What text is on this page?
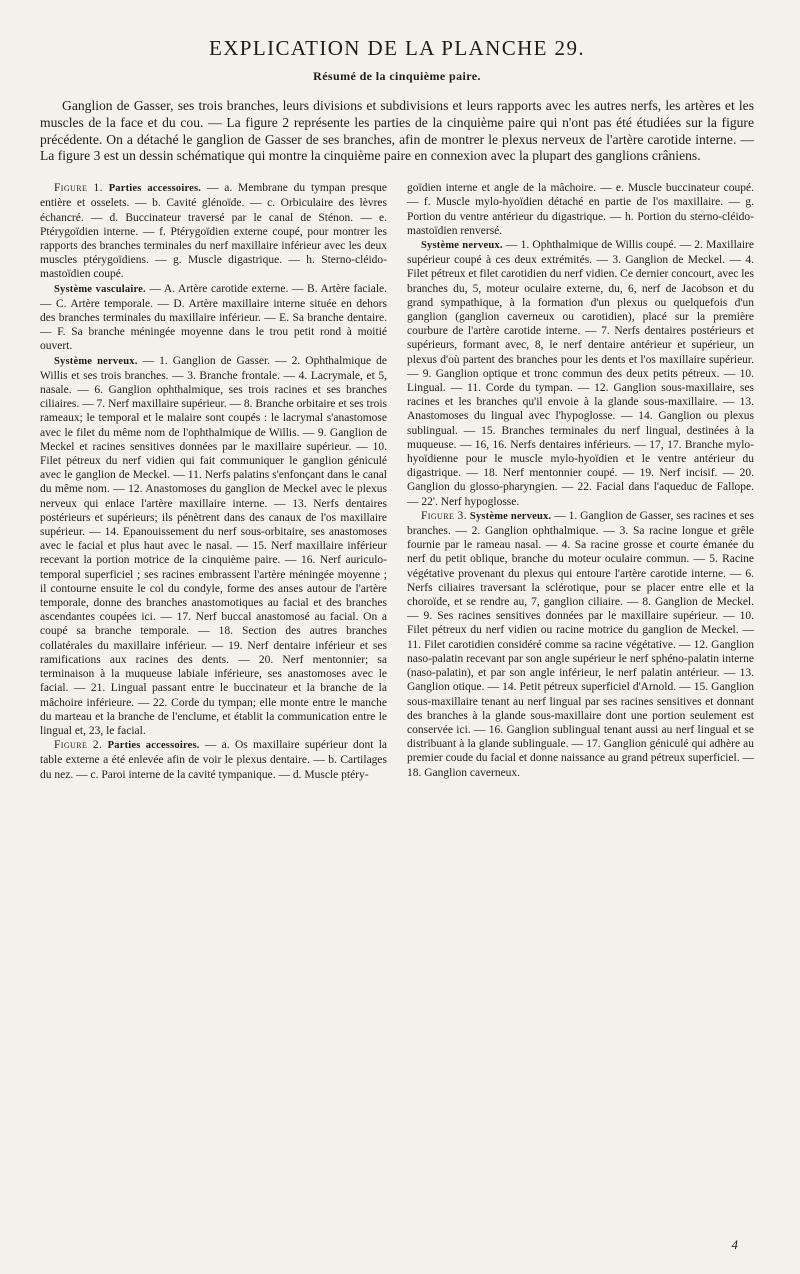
EXPLICATION DE LA PLANCHE 29.
Résumé de la cinquième paire.

Ganglion de Gasser, ses trois branches, leurs divisions et subdivisions et leurs rapports avec les autres nerfs, les artères et les muscles de la face et du cou. — La figure 2 représente les parties de la cinquième paire qui n'ont pas été étudiées sur la figure précédente. On a détaché le ganglion de Gasser de ses branches, afin de montrer le plexus nerveux de l'artère carotide interne. — La figure 3 est un dessin schématique qui montre la cinquième paire en connexion avec la plupart des ganglions crâniens.

Figure 1. Parties accessoires. — a. Membrane du tympan presque entière et osselets. — b. Cavité glénoïde. — c. Orbiculaire des lèvres échancré. — d. Buccinateur traversé par le canal de Sténon. — e. Ptérygoïdien interne. — f. Ptérygoïdien externe coupé, pour montrer les rapports des branches terminales du nerf maxillaire inférieur avec les deux muscles ptérygoïdiens. — g. Muscle digastrique. — h. Sterno-cléido-mastoïdien coupé.

Système vasculaire. — A. Artère carotide externe. — B. Artère faciale. — C. Artère temporale. — D. Artère maxillaire interne située en dehors des branches terminales du maxillaire inférieur. — E. Sa branche dentaire. — F. Sa branche méningée moyenne dans le trou petit rond à moitié ouvert.

Système nerveux. — 1. Ganglion de Gasser. — 2. Ophthalmique de Willis et ses trois branches. — 3. Branche frontale. — 4. Lacrymale, et 5, nasale. — 6. Ganglion ophthalmique, ses trois racines et ses branches ciliaires. — 7. Nerf maxillaire supérieur. — 8. Branche orbitaire et ses trois rameaux; le temporal et le malaire sont coupés : le lacrymal s'anastomose avec le filet du même nom de l'ophthalmique de Willis. — 9. Ganglion de Meckel et racines sensitives données par le maxillaire supérieur. — 10. Filet pétreux du nerf vidien qui fait communiquer le ganglion géniculé avec le ganglion de Meckel. — 11. Nerfs palatins s'enfonçant dans le canal du même nom. — 12. Anastomoses du ganglion de Meckel avec le plexus nerveux qui enlace l'artère maxillaire interne. — 13. Nerfs dentaires postérieurs et supérieurs; ils pénètrent dans des canaux de l'os maxillaire supérieur. — 14. Epanouissement du nerf sous-orbitaire, ses anastomoses avec le facial et plus haut avec le nasal. — 15. Nerf maxillaire inférieur recevant la portion motrice de la cinquième paire. — 16. Nerf auriculo-temporal superficiel ; ses racines embrassent l'artère méningée moyenne ; il contourne ensuite le col du condyle, forme des anses autour de l'artère temporale, donne des branches anastomotiques au facial et des branches ascendantes coupées ici. — 17. Nerf buccal anastomosé au facial. On a coupé sa branche temporale. — 18. Section des autres branches collatérales du maxillaire inférieur. — 19. Nerf dentaire inférieur et ses ramifications aux racines des dents. — 20. Nerf mentonnier; sa terminaison à la muqueuse labiale inférieure, ses anastomoses avec le facial. — 21. Lingual passant entre le buccinateur et la branche de la mâchoire inférieure. — 22. Corde du tympan; elle monte entre le manche du marteau et la branche de l'enclume, et établit la communication entre le lingual et, 23, le facial.

Figure 2. Parties accessoires. — a. Os maxillaire supérieur dont la table externe a été enlevée afin de voir le plexus dentaire. — b. Cartilages du nez. — c. Paroi interne de la cavité tympanique. — d. Muscle ptéry-

goïdien interne et angle de la mâchoire. — e. Muscle buccinateur coupé. — f. Muscle mylo-hyoïdien détaché en partie de l'os maxillaire. — g. Portion du ventre antérieur du digastrique. — h. Portion du sterno-cléido-mastoïdien renversé.

Système nerveux. — 1. Ophthalmique de Willis coupé. — 2. Maxillaire supérieur coupé à ces deux extrémités. — 3. Ganglion de Meckel. — 4. Filet pétreux et filet carotidien du nerf vidien. Ce dernier concourt, avec les branches du, 5, moteur oculaire externe, du, 6, nerf de Jacobson et du grand sympathique, à la formation d'un plexus ou quelquefois d'un ganglion (ganglion caverneux ou carotidien), placé sur la première courbure de l'artère carotide interne. — 7. Nerfs dentaires postérieurs et supérieurs, formant avec, 8, le nerf dentaire antérieur et supérieur, un plexus d'où partent des branches pour les dents et l'os maxillaire supérieur. — 9. Ganglion optique et tronc commun des deux petits pétreux. — 10. Lingual. — 11. Corde du tympan. — 12. Ganglion sous-maxillaire, ses racines et les branches qu'il envoie à la glande sous-maxillaire. — 13. Anastomoses du lingual avec l'hypoglosse. — 14. Ganglion ou plexus sublingual. — 15. Branches terminales du nerf lingual, destinées à la muqueuse. — 16, 16. Nerfs dentaires inférieurs. — 17, 17. Branche mylo-hyoïdienne pour le muscle mylo-hyoïdien et le ventre antérieur du digastrique. — 18. Nerf mentonnier coupé. — 19. Nerf incisif. — 20. Ganglion du glosso-pharyngien. — 22. Facial dans l'aqueduc de Fallope. — 22'. Nerf hypoglosse.

Figure 3. Système nerveux. — 1. Ganglion de Gasser, ses racines et ses branches. — 2. Ganglion ophthalmique. — 3. Sa racine longue et grêle fournie par le rameau nasal. — 4. Sa racine grosse et courte émanée du nerf du petit oblique, branche du moteur oculaire commun. — 5. Racine végétative provenant du plexus qui entoure l'artère carotide interne. — 6. Nerfs ciliaires traversant la sclérotique, pour se placer entre elle et la choroïde, et se rendre au, 7, ganglion ciliaire. — 8. Ganglion de Meckel. — 9. Ses racines sensitives données par le maxillaire supérieur. — 10. Filet pétreux du nerf vidien ou racine motrice du ganglion de Meckel. — 11. Filet carotidien considéré comme sa racine végétative. — 12. Ganglion naso-palatin recevant par son angle supérieur le nerf sphéno-palatin interne (naso-palatin), et par son angle inférieur, le nerf palatin antérieur. — 13. Ganglion otique. — 14. Petit pétreux superficiel d'Arnold. — 15. Ganglion sous-maxillaire tenant au nerf lingual par ses racines sensitives et donnant des branches à la glande sous-maxillaire dont une portion seulement est conservée ici. — 16. Ganglion sublingual tenant aussi au nerf lingual et se distribuant à la glande sublinguale. — 17. Ganglion géniculé qui adhère au premier coude du facial et donne naissance au grand pétreux superficiel. — 18. Ganglion caverneux.

4
